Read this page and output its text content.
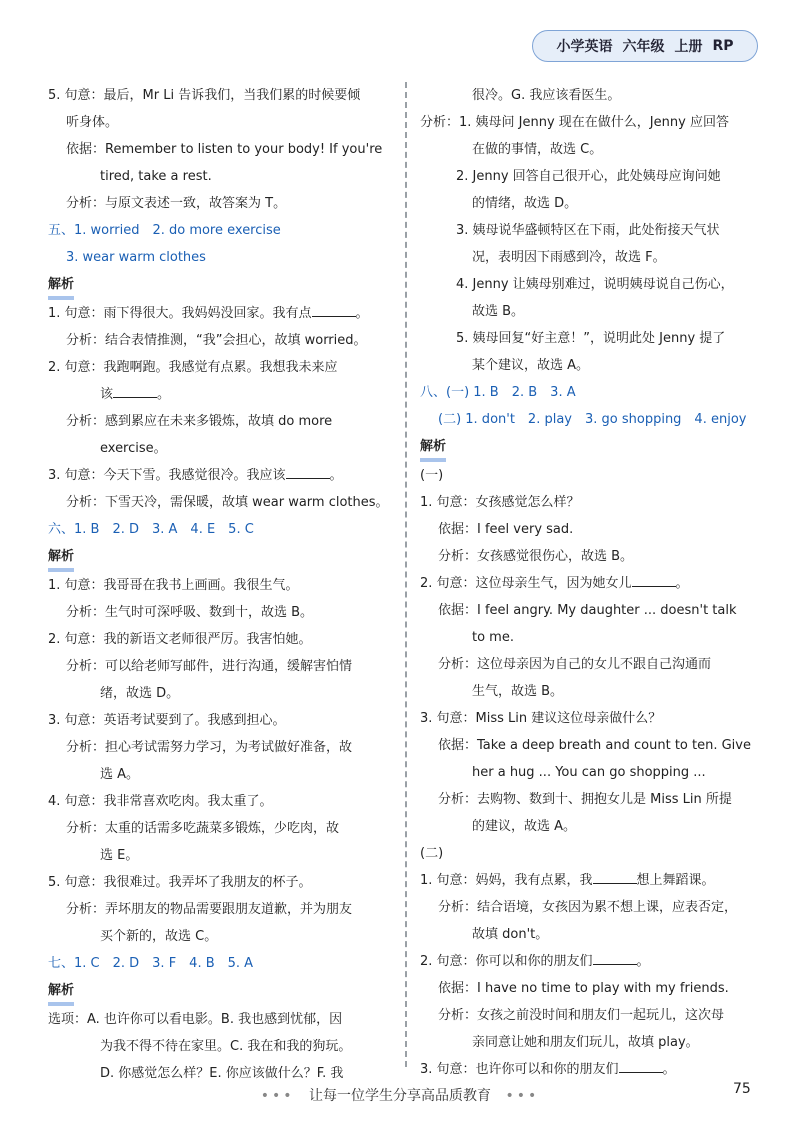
小学英语 六年级 上册 RP
5. 句意：最后，Mr Li 告诉我们，当我们累的时候要倾
听身体。
依据：Remember to listen to your body! If you're
tired, take a rest.
分析：与原文表述一致，故答案为 T。
五、1. worried　2. do more exercise
3. wear warm clothes
解析
1. 句意：雨下得很大。我妈妈没回家。我有点	。
分析：结合表情推测，“我”会担心，故填 worried。
2. 句意：我跑啊跑。我感觉有点累。我想我未来应
该	。
分析：感到累应在未来多锻炼，故填 do more
exercise。
3. 句意：今天下雪。我感觉很冷。我应该	。
分析：下雪天冷，需保暖，故填 wear warm clothes。
六、1. B　2. D　3. A　4. E　5. C
解析
1. 句意：我哥哥在我书上画画。我很生气。
分析：生气时可深呼吸、数到十，故选 B。
2. 句意：我的新语文老师很严厉。我害怕她。
分析：可以给老师写邮件，进行沟通，缓解害怕情
绪，故选 D。
3. 句意：英语考试要到了。我感到担心。
分析：担心考试需努力学习，为考试做好准备，故
选 A。
4. 句意：我非常喜欢吃肉。我太重了。
分析：太重的话需多吃蔬菜多锻炼，少吃肉，故
选 E。
5. 句意：我很难过。我弄坏了我朋友的杯子。
分析：弄坏朋友的物品需要跟朋友道歉，并为朋友
买个新的，故选 C。
七、1. C　2. D　3. F　4. B　5. A
解析
选项：A. 也许你可以看电影。B. 我也感到忧郁，因
为我不得不待在家里。C. 我在和我的狗玩。
D. 你感觉怎么样？E. 你应该做什么？F. 我
很冷。G. 我应该看医生。
分析：1. 姨母问 Jenny 现在在做什么，Jenny 应回答
在做的事情，故选 C。
2. Jenny 回答自己很开心，此处姨母应询问她
的情绪，故选 D。
3. 姨母说华盛顿特区在下雨，此处衔接天气状
况，表明因下雨感到冷，故选 F。
4. Jenny 让姨母别难过，说明姨母说自己伤心，
故选 B。
5. 姨母回复“好主意！”，说明此处 Jenny 提了
某个建议，故选 A。
八、(一) 1. B　2. B　3. A
(二) 1. don't　2. play　3. go shopping　4. enjoy
解析
(一)
1. 句意：女孩感觉怎么样？
依据：I feel very sad.
分析：女孩感觉很伤心，故选 B。
2. 句意：这位母亲生气，因为她女儿	。
依据：I feel angry. My daughter ... doesn't talk
to me.
分析：这位母亲因为自己的女儿不跟自己沟通而
生气，故选 B。
3. 句意：Miss Lin 建议这位母亲做什么？
依据：Take a deep breath and count to ten. Give
her a hug ... You can go shopping ...
分析：去购物、数到十、拥抱女儿是 Miss Lin 所提
的建议，故选 A。
(二)
1. 句意：妈妈，我有点累，我	想上舞蹈课。
分析：结合语境，女孩因为累不想上课，应表否定，
故填 don't。
2. 句意：你可以和你的朋友们	。
依据：I have no time to play with my friends.
分析：女孩之前没时间和朋友们一起玩儿，这次母
亲同意让她和朋友们玩儿，故填 play。
3. 句意：也许你可以和你的朋友们	。
••• 让每一位学生分享高品质教育 •••	75
